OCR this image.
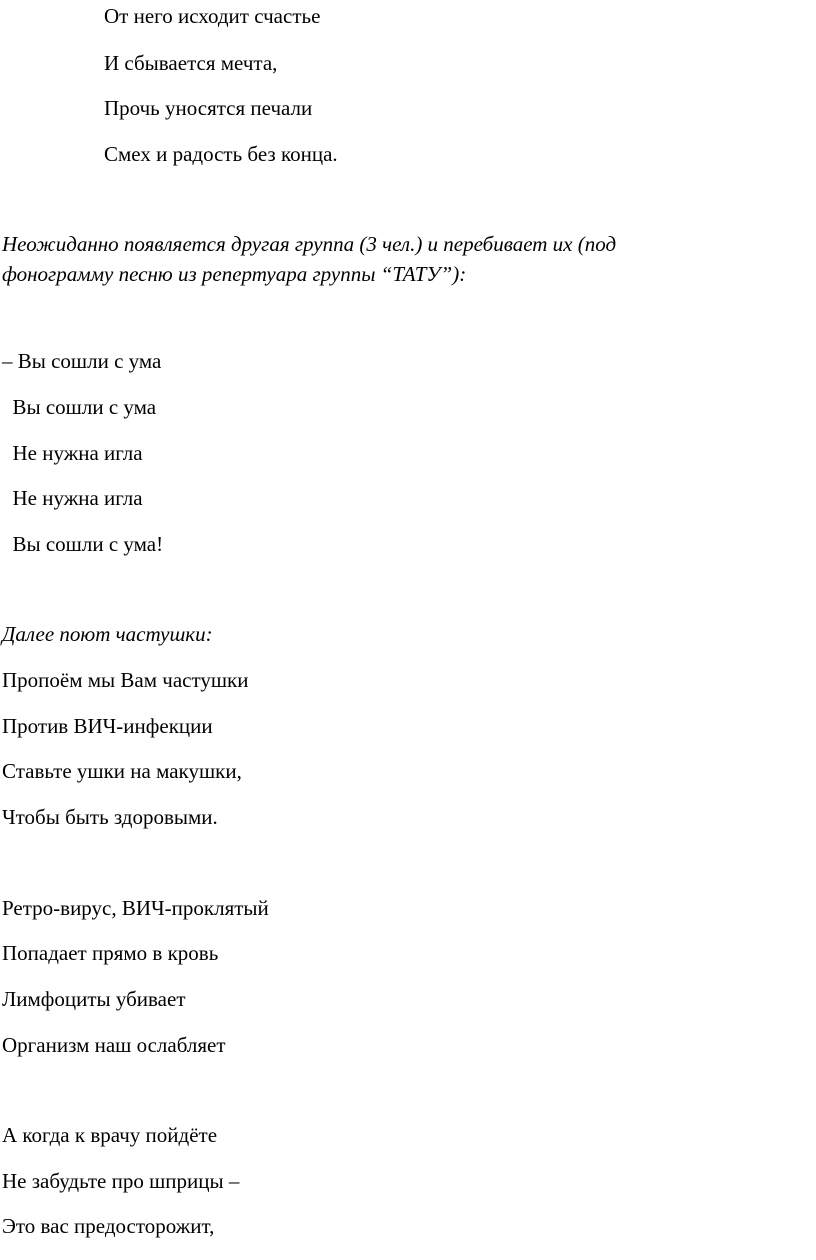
От него исходит счастье

И сбывается мечта,

Прочь уносятся печали

Смех и радость без конца.

Неожиданно появляется другая группа (3 чел.) и перебивает их (под

фонограмму песню из репертуара группы “ТАТУ”):

– Вы сошли с ума

Вы сошли с ума

Не нужна игла

Не нужна игла

Вы сошли с ума!

Далее поют частушки:

Пропоём мы Вам частушки

Против ВИЧ-инфекции

Ставьте ушки на макушки,

Чтобы быть здоровыми.

Ретро-вирус, ВИЧ-проклятый

Попадает прямо в кровь

Лимфоциты убивает

Организм наш ослабляет

А когда к врачу пойдёте

Не забудьте про шприцы –

Это вас предосторожит,
